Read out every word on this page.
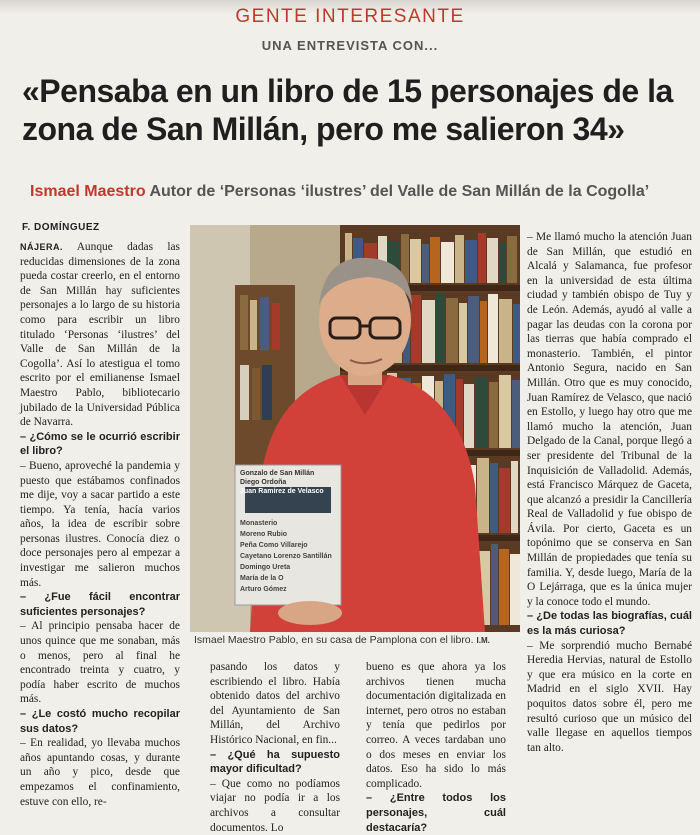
GENTE INTERESANTE
UNA ENTREVISTA CON...
«Pensaba en un libro de 15 personajes de la zona de San Millán, pero me salieron 34»
Ismael Maestro Autor de ‘Personas ‘ilustres’ del Valle de San Millán de la Cogolla’
F. DOMÍNGUEZ

NÁJERA. Aunque dadas las reducidas dimensiones de la zona pueda costar creerlo, en el entorno de San Millán hay suficientes personajes a lo largo de su historia como para escribir un libro titulado ‘Personas ‘ilustres’ del Valle de San Millán de la Cogolla’. Así lo atestigua el tomo escrito por el emilianense Ismael Maestro Pablo, bibliotecario jubilado de la Universidad Pública de Navarra.

– ¿Cómo se le ocurrió escribir el libro?

– Bueno, aproveché la pandemia y puesto que estábamos confinados me dije, voy a sacar partido a este tiempo. Ya tenía, hacía varios años, la idea de escribir sobre personas ilustres. Conocía diez o doce personajes pero al empezar a investigar me salieron muchos más.

– ¿Fue fácil encontrar suficientes personajes?

– Al principio pensaba hacer de unos quince que me sonaban, más o menos, pero al final he encontrado treinta y cuatro, y podía haber escrito de muchos más.

– ¿Le costó mucho recopilar sus datos?

– En realidad, yo llevaba muchos años apuntando cosas, y durante un año y pico, desde que empezamos el confinamiento, estuve con ello, re-

pasando los datos y escribiendo el libro. Había obtenido datos del archivo del Ayuntamiento de San Millán, del Archivo Histórico Nacional, en fin...

– ¿Qué ha supuesto mayor dificultad?

– Que como no podíamos viajar no podía ir a los archivos a consultar documentos. Lo

bueno es que ahora ya los archivos tienen mucha documentación digitalizada en internet, pero otros no estaban y tenía que pedirlos por correo. A veces tardaban uno o dos meses en enviar los datos. Eso ha sido lo más complicado.

– ¿Entre todos los personajes, cuál destacaría?

– Me llamó mucho la atención Juan de San Millán, que estudió en Alcalá y Salamanca, fue profesor en la universidad de esta última ciudad y también obispo de Tuy y de León. Además, ayudó al valle a pagar las deudas con la corona por las tierras que había comprado el monasterio. También, el pintor Antonio Segura, nacido en San Millán. Otro que es muy conocido, Juan Ramírez de Velasco, que nació en Estollo, y luego hay otro que me llamó mucho la atención, Juan Delgado de la Canal, porque llegó a ser presidente del Tribunal de la Inquisición de Valladolid. Además, está Francisco Márquez de Gaceta, que alcanzó a presidir la Cancillería Real de Valladolid y fue obispo de Ávila. Por cierto, Gaceta es un topónimo que se conserva en San Millán de propiedades que tenía su familia. Y, desde luego, María de la O Lejárraga, que es la única mujer y la conoce todo el mundo.

– ¿De todas las biografías, cuál es la más curiosa?

– Me sorprendió mucho Bernabé Heredia Hervias, natural de Estollo y que era músico en la corte en Madrid en el siglo XVII. Hay poquitos datos sobre él, pero me resultó curioso que un músico del valle llegase en aquellos tiempos tan alto.

Gonzalo de San Millán
Diego Ordoña
Juan Ramírez de Velasco
Monasterio
Moreno Rubio
Peña Como Villarejo
Cayetano Lorenzo Santillán
Domingo Ureta
María de la O
Arturo Gómez
Ismael Maestro Pablo, en su casa de Pamplona con el libro. I.M.
